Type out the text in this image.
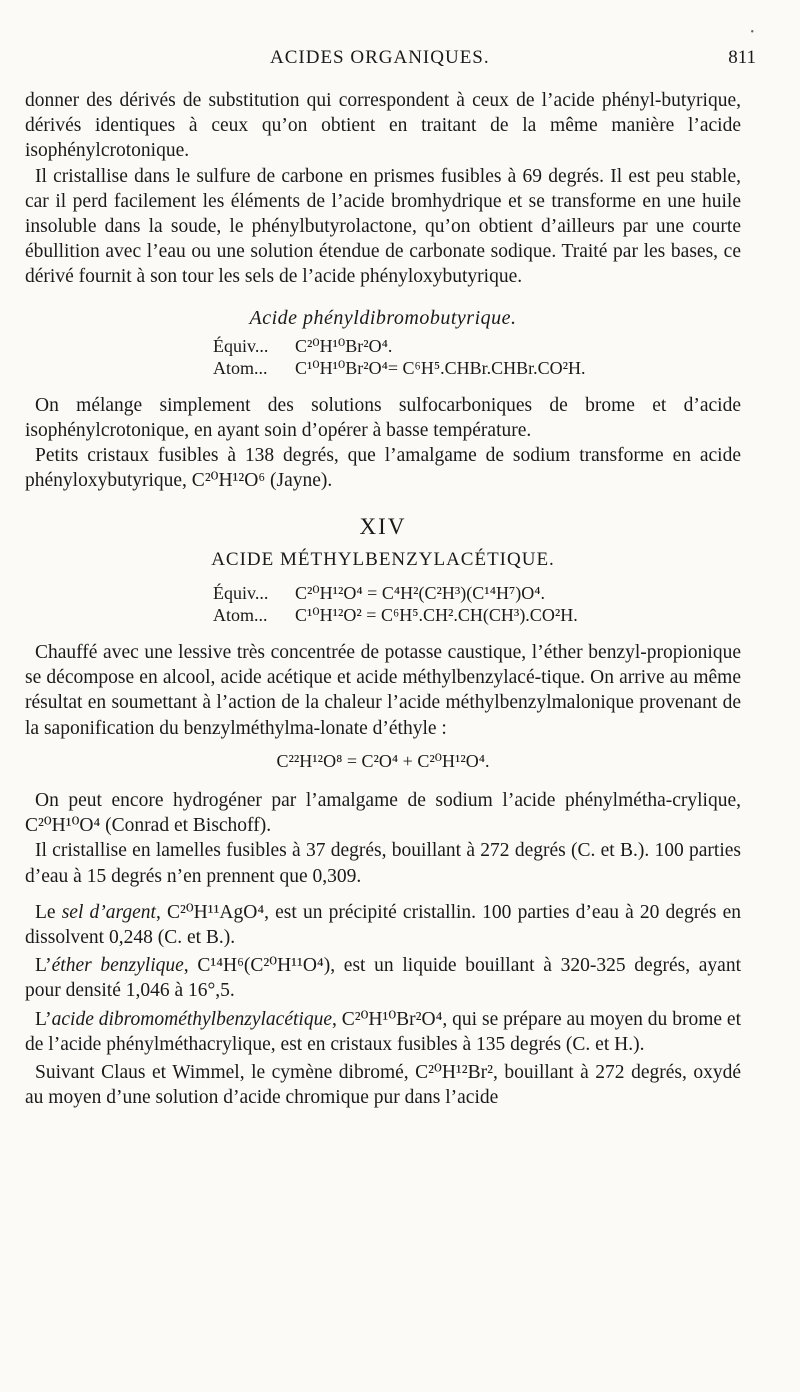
•
ACIDES ORGANIQUES.	811

donner des dérivés de substitution qui correspondent à ceux de l’acide phényl-butyrique, dérivés identiques à ceux qu’on obtient en traitant de la même manière l’acide isophénylcrotonique.

Il cristallise dans le sulfure de carbone en prismes fusibles à 69 degrés. Il est peu stable, car il perd facilement les éléments de l’acide bromhydrique et se transforme en une huile insoluble dans la soude, le phénylbutyrolactone, qu’on obtient d’ailleurs par une courte ébullition avec l’eau ou une solution étendue de carbonate sodique. Traité par les bases, ce dérivé fournit à son tour les sels de l’acide phényloxybutyrique.

Acide phényldibromobutyrique.
Équiv... C²⁰H¹⁰Br²O⁴.
Atom... C¹⁰H¹⁰Br²O⁴= C⁶H⁵.CHBr.CHBr.CO²H.

On mélange simplement des solutions sulfocarboniques de brome et d’acide isophénylcrotonique, en ayant soin d’opérer à basse température.

Petits cristaux fusibles à 138 degrés, que l’amalgame de sodium transforme en acide phényloxybutyrique, C²⁰H¹²O⁶ (Jayne).

XIV
ACIDE MÉTHYLBENZYLACÉTIQUE.
Équiv... C²⁰H¹²O⁴ = C⁴H²(C²H³)(C¹⁴H⁷)O⁴.
Atom... C¹⁰H¹²O² = C⁶H⁵.CH².CH(CH³).CO²H.

Chauffé avec une lessive très concentrée de potasse caustique, l’éther benzyl-propionique se décompose en alcool, acide acétique et acide méthylbenzylacé-tique. On arrive au même résultat en soumettant à l’action de la chaleur l’acide méthylbenzylmalonique provenant de la saponification du benzylméthylma-lonate d’éthyle :

C²²H¹²O⁸ = C²O⁴ + C²⁰H¹²O⁴.

On peut encore hydrogéner par l’amalgame de sodium l’acide phénylmétha-crylique, C²⁰H¹⁰O⁴ (Conrad et Bischoff).

Il cristallise en lamelles fusibles à 37 degrés, bouillant à 272 degrés (C. et B.). 100 parties d’eau à 15 degrés n’en prennent que 0,309.

Le sel d’argent, C²⁰H¹¹AgO⁴, est un précipité cristallin. 100 parties d’eau à 20 degrés en dissolvent 0,248 (C. et B.).

L’éther benzylique, C¹⁴H⁶(C²⁰H¹¹O⁴), est un liquide bouillant à 320-325 degrés, ayant pour densité 1,046 à 16°,5.

L’acide dibromométhylbenzylacétique, C²⁰H¹⁰Br²O⁴, qui se prépare au moyen du brome et de l’acide phénylméthacrylique, est en cristaux fusibles à 135 degrés (C. et H.).

Suivant Claus et Wimmel, le cymène dibromé, C²⁰H¹²Br², bouillant à 272 degrés, oxydé au moyen d’une solution d’acide chromique pur dans l’acide
